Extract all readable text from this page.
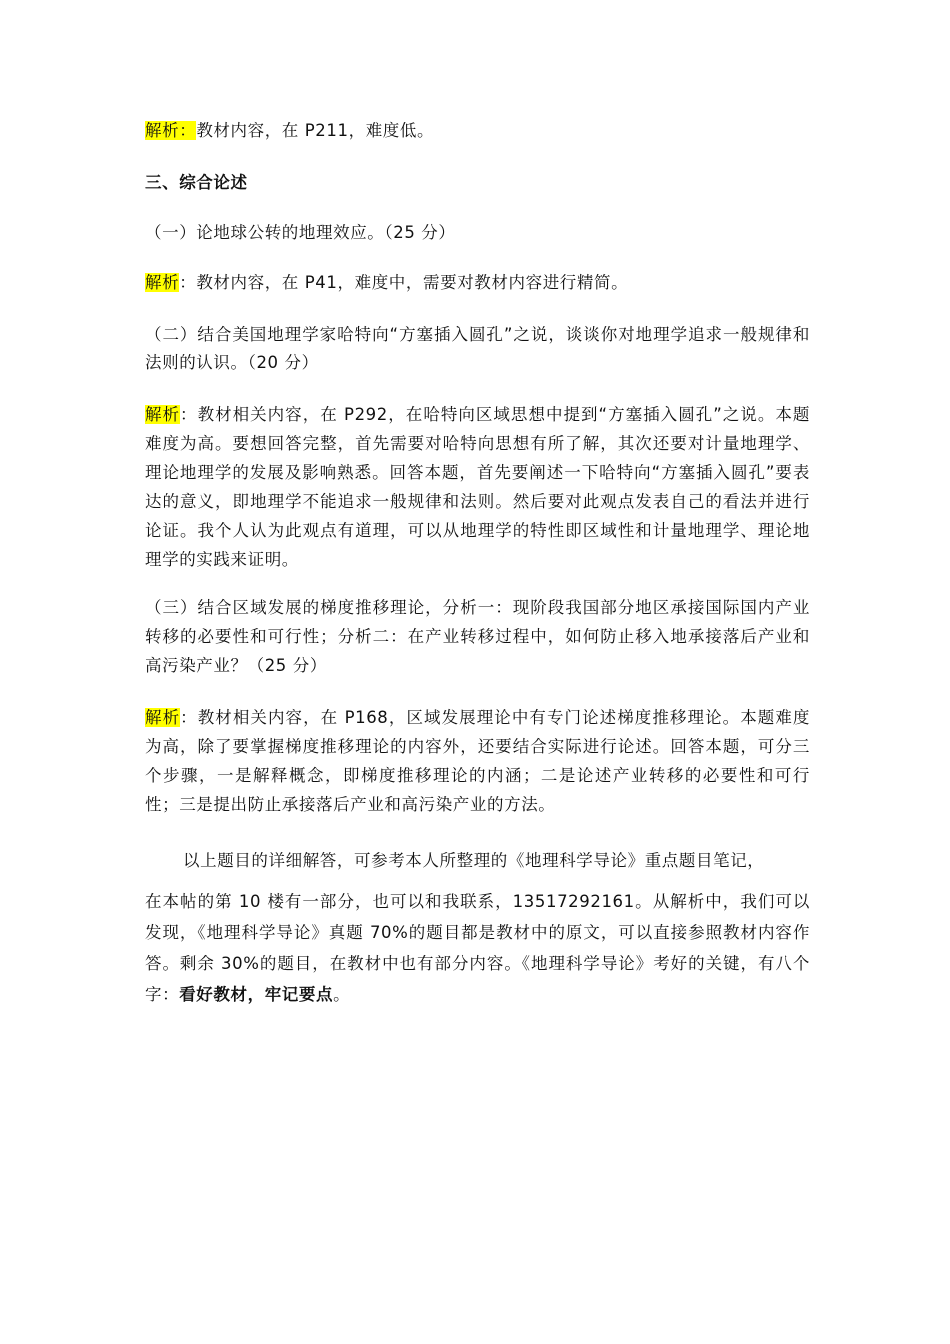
解析：教材内容，在 P211，难度低。
三、综合论述
（一）论地球公转的地理效应。（25 分）
解析：教材内容，在 P41，难度中，需要对教材内容进行精简。
（二）结合美国地理学家哈特向“方塞插入圆孔”之说，谈谈你对地理学追求一般规律和法则的认识。（20 分）
解析：教材相关内容，在 P292，在哈特向区域思想中提到“方塞插入圆孔”之说。本题难度为高。要想回答完整，首先需要对哈特向思想有所了解，其次还要对计量地理学、理论地理学的发展及影响熟悉。回答本题，首先要阐述一下哈特向“方塞插入圆孔”要表达的意义，即地理学不能追求一般规律和法则。然后要对此观点发表自己的看法并进行论证。我个人认为此观点有道理，可以从地理学的特性即区域性和计量地理学、理论地理学的实践来证明。
（三）结合区域发展的梯度推移理论，分析一：现阶段我国部分地区承接国际国内产业转移的必要性和可行性；分析二：在产业转移过程中，如何防止移入地承接落后产业和高污染产业？（25 分）
解析：教材相关内容，在 P168，区域发展理论中有专门论述梯度推移理论。本题难度为高，除了要掌握梯度推移理论的内容外，还要结合实际进行论述。回答本题，可分三个步骤，一是解释概念，即梯度推移理论的内涵；二是论述产业转移的必要性和可行性；三是提出防止承接落后产业和高污染产业的方法。
以上题目的详细解答，可参考本人所整理的《地理科学导论》重点题目笔记，
在本帖的第 10 楼有一部分，也可以和我联系，13517292161。从解析中，我们可以发现，《地理科学导论》真题 70%的题目都是教材中的原文，可以直接参照教材内容作答。剩余 30%的题目，在教材中也有部分内容。《地理科学导论》考好的关键，有八个字：看好教材，牢记要点。
